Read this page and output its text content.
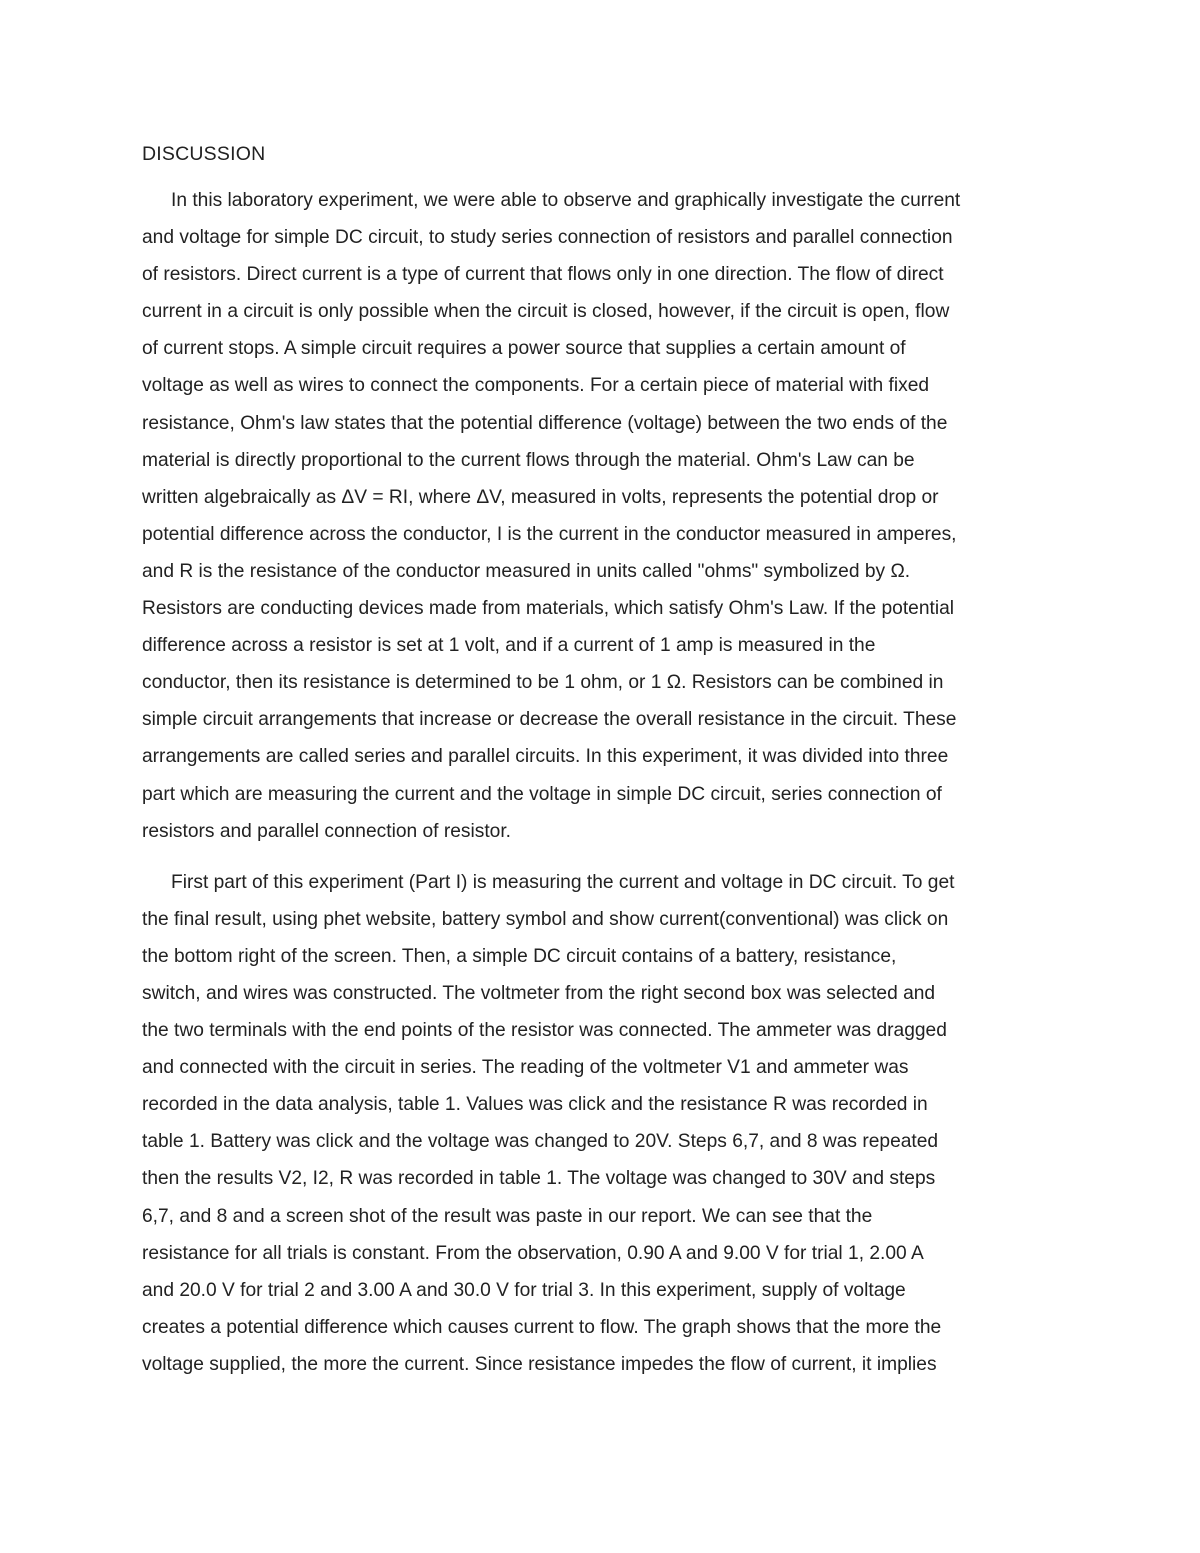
DISCUSSION

In this laboratory experiment, we were able to observe and graphically investigate the current
and voltage for simple DC circuit, to study series connection of resistors and parallel connection
of resistors. Direct current is a type of current that flows only in one direction. The flow of direct
current in a circuit is only possible when the circuit is closed, however, if the circuit is open, flow
of current stops. A simple circuit requires a power source that supplies a certain amount of
voltage as well as wires to connect the components. For a certain piece of material with fixed
resistance, Ohm's law states that the potential difference (voltage) between the two ends of the
material is directly proportional to the current flows through the material. Ohm's Law can be
written algebraically as ΔV = RI, where ΔV, measured in volts, represents the potential drop or
potential difference across the conductor, I is the current in the conductor measured in amperes,
and R is the resistance of the conductor measured in units called "ohms" symbolized by Ω.
Resistors are conducting devices made from materials, which satisfy Ohm's Law. If the potential
difference across a resistor is set at 1 volt, and if a current of 1 amp is measured in the
conductor, then its resistance is determined to be 1 ohm, or 1 Ω. Resistors can be combined in
simple circuit arrangements that increase or decrease the overall resistance in the circuit. These
arrangements are called series and parallel circuits. In this experiment, it was divided into three
part which are measuring the current and the voltage in simple DC circuit, series connection of
resistors and parallel connection of resistor.

First part of this experiment (Part I) is measuring the current and voltage in DC circuit. To get
the final result, using phet website, battery symbol and show current(conventional) was click on
the bottom right of the screen. Then, a simple DC circuit contains of a battery, resistance,
switch, and wires was constructed. The voltmeter from the right second box was selected and
the two terminals with the end points of the resistor was connected. The ammeter was dragged
and connected with the circuit in series. The reading of the voltmeter V1 and ammeter was
recorded in the data analysis, table 1. Values was click and the resistance R was recorded in
table 1. Battery was click and the voltage was changed to 20V. Steps 6,7, and 8 was repeated
then the results V2, I2, R was recorded in table 1. The voltage was changed to 30V and steps
6,7, and 8 and a screen shot of the result was paste in our report. We can see that the
resistance for all trials is constant. From the observation, 0.90 A and 9.00 V for trial 1, 2.00 A
and 20.0 V for trial 2 and 3.00 A and 30.0 V for trial 3. In this experiment, supply of voltage
creates a potential difference which causes current to flow. The graph shows that the more the
voltage supplied, the more the current. Since resistance impedes the flow of current, it implies
